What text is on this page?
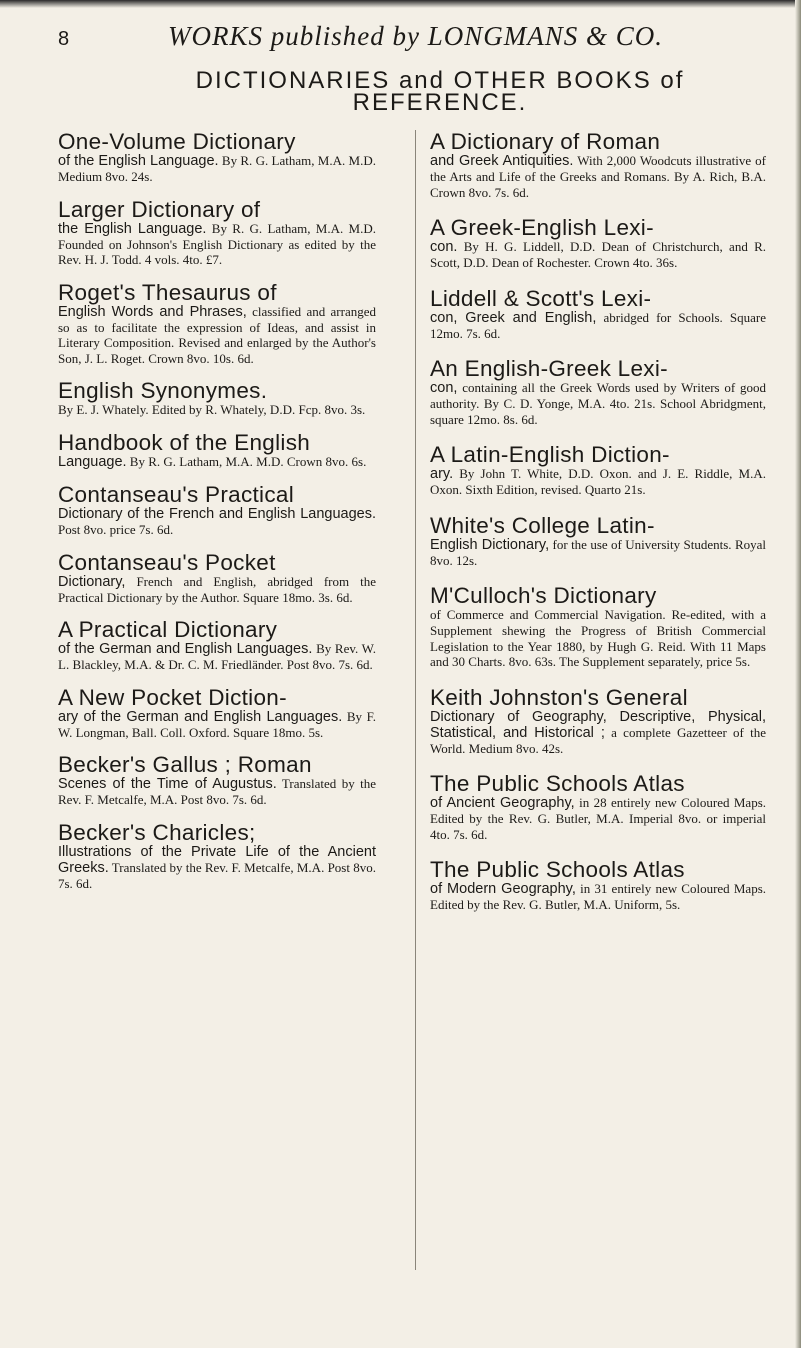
8	WORKS published by LONGMANS & CO.
DICTIONARIES and OTHER BOOKS of
REFERENCE.
One-Volume Dictionary
of the English Language. By R. G. Latham, M.A. M.D. Medium 8vo. 24s.
Larger Dictionary of
the English Language. By R. G. Latham, M.A. M.D. Founded on Johnson's English Dictionary as edited by the Rev. H. J. Todd. 4 vols. 4to. £7.
Roget's Thesaurus of
English Words and Phrases, classified and arranged so as to facilitate the expression of Ideas, and assist in Literary Composition. Revised and enlarged by the Author's Son, J. L. Roget. Crown 8vo. 10s. 6d.
English Synonymes.
By E. J. Whately. Edited by R. Whately, D.D. Fcp. 8vo. 3s.
Handbook of the English
Language. By R. G. Latham, M.A. M.D. Crown 8vo. 6s.
Contanseau's Practical
Dictionary of the French and English Languages. Post 8vo. price 7s. 6d.
Contanseau's Pocket
Dictionary, French and English, abridged from the Practical Dictionary by the Author. Square 18mo. 3s. 6d.
A Practical Dictionary
of the German and English Languages. By Rev. W. L. Blackley, M.A. & Dr. C. M. Friedländer. Post 8vo. 7s. 6d.
A New Pocket Diction-
ary of the German and English Languages. By F. W. Longman, Ball. Coll. Oxford. Square 18mo. 5s.
Becker's Gallus ; Roman
Scenes of the Time of Augustus. Translated by the Rev. F. Metcalfe, M.A. Post 8vo. 7s. 6d.
Becker's Charicles;
Illustrations of the Private Life of the Ancient Greeks. Translated by the Rev. F. Metcalfe, M.A. Post 8vo. 7s. 6d.
A Dictionary of Roman
and Greek Antiquities. With 2,000 Woodcuts illustrative of the Arts and Life of the Greeks and Romans. By A. Rich, B.A. Crown 8vo. 7s. 6d.
A Greek-English Lexi-
con. By H. G. Liddell, D.D. Dean of Christchurch, and R. Scott, D.D. Dean of Rochester. Crown 4to. 36s.
Liddell & Scott's Lexi-
con, Greek and English, abridged for Schools. Square 12mo. 7s. 6d.
An English-Greek Lexi-
con, containing all the Greek Words used by Writers of good authority. By C. D. Yonge, M.A. 4to. 21s. School Abridgment, square 12mo. 8s. 6d.
A Latin-English Diction-
ary. By John T. White, D.D. Oxon. and J. E. Riddle, M.A. Oxon. Sixth Edition, revised. Quarto 21s.
White's College Latin-
English Dictionary, for the use of University Students. Royal 8vo. 12s.
M'Culloch's Dictionary
of Commerce and Commercial Navigation. Re-edited, with a Supplement shewing the Progress of British Commercial Legislation to the Year 1880, by Hugh G. Reid. With 11 Maps and 30 Charts. 8vo. 63s. The Supplement separately, price 5s.
Keith Johnston's General
Dictionary of Geography, Descriptive, Physical, Statistical, and Historical ; a complete Gazetteer of the World. Medium 8vo. 42s.
The Public Schools Atlas
of Ancient Geography, in 28 entirely new Coloured Maps. Edited by the Rev. G. Butler, M.A. Imperial 8vo. or imperial 4to. 7s. 6d.
The Public Schools Atlas
of Modern Geography, in 31 entirely new Coloured Maps. Edited by the Rev. G. Butler, M.A. Uniform, 5s.
